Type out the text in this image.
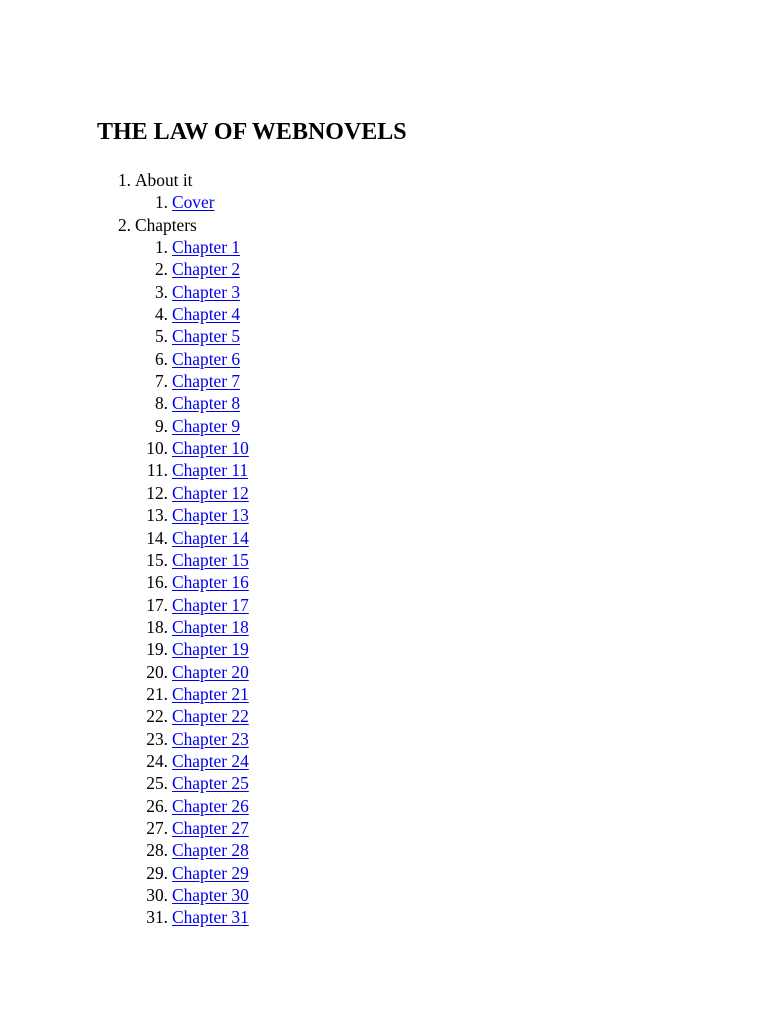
THE LAW OF WEBNOVELS
1. About it
1. Cover
2. Chapters
1. Chapter 1
2. Chapter 2
3. Chapter 3
4. Chapter 4
5. Chapter 5
6. Chapter 6
7. Chapter 7
8. Chapter 8
9. Chapter 9
10. Chapter 10
11. Chapter 11
12. Chapter 12
13. Chapter 13
14. Chapter 14
15. Chapter 15
16. Chapter 16
17. Chapter 17
18. Chapter 18
19. Chapter 19
20. Chapter 20
21. Chapter 21
22. Chapter 22
23. Chapter 23
24. Chapter 24
25. Chapter 25
26. Chapter 26
27. Chapter 27
28. Chapter 28
29. Chapter 29
30. Chapter 30
31. Chapter 31
